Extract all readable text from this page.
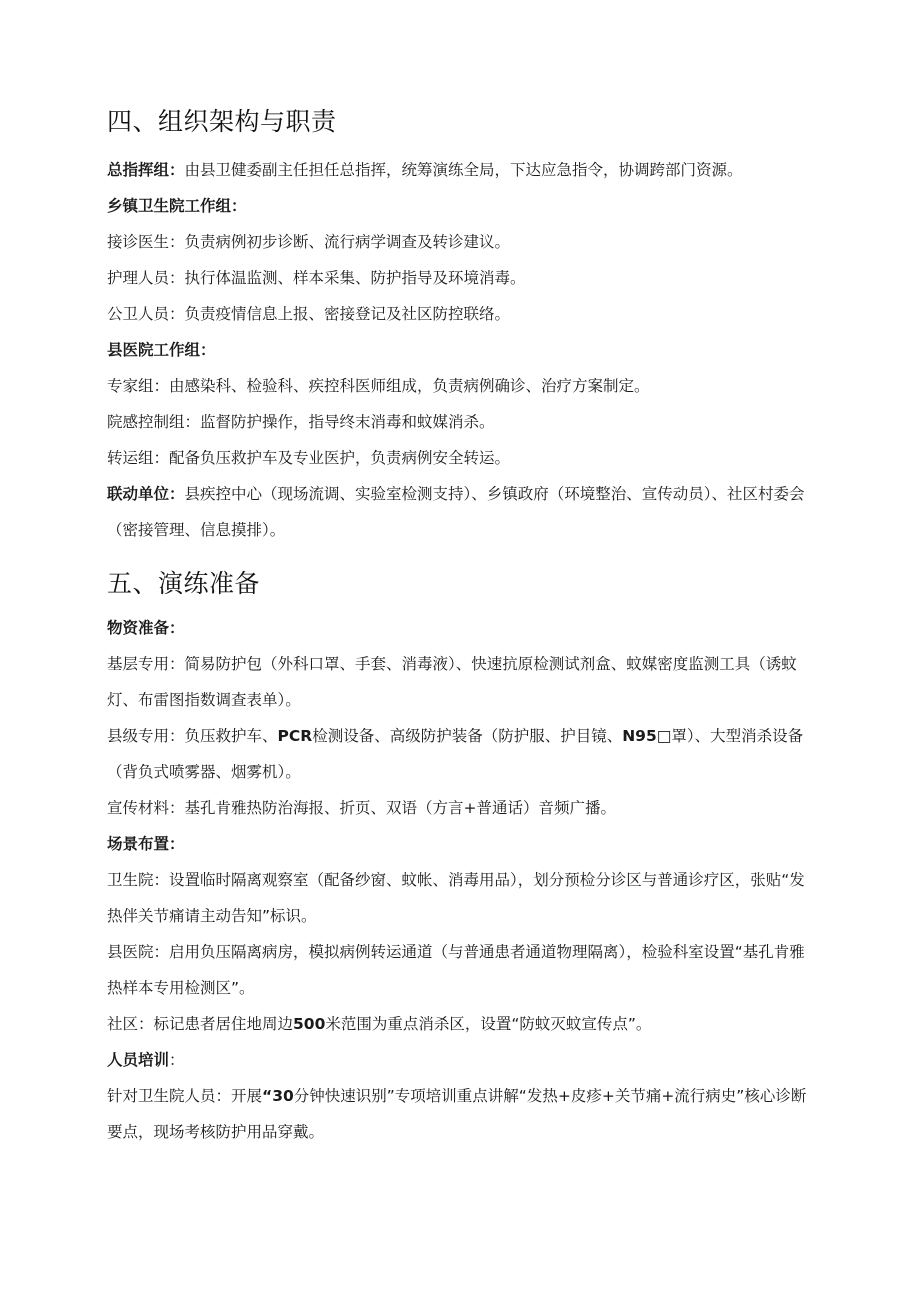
四、组织架构与职责

总指挥组：由县卫健委副主任担任总指挥，统筹演练全局，下达应急指令，协调跨部门资源。

乡镇卫生院工作组：

接诊医生：负责病例初步诊断、流行病学调查及转诊建议。

护理人员：执行体温监测、样本采集、防护指导及环境消毒。

公卫人员：负责疫情信息上报、密接登记及社区防控联络。

县医院工作组：

专家组：由感染科、检验科、疾控科医师组成，负责病例确诊、治疗方案制定。

院感控制组：监督防护操作，指导终末消毒和蚊媒消杀。

转运组：配备负压救护车及专业医护，负责病例安全转运。

联动单位：县疾控中心（现场流调、实验室检测支持）、乡镇政府（环境整治、宣传动员）、社区村委会（密接管理、信息摸排）。

五、演练准备

物资准备：

基层专用：简易防护包（外科口罩、手套、消毒液）、快速抗原检测试剂盒、蚊媒密度监测工具（诱蚊灯、布雷图指数调查表单）。

县级专用：负压救护车、PCR检测设备、高级防护装备（防护服、护目镜、N95□罩）、大型消杀设备（背负式喷雾器、烟雾机）。

宣传材料：基孔肯雅热防治海报、折页、双语（方言+普通话）音频广播。

场景布置：

卫生院：设置临时隔离观察室（配备纱窗、蚊帐、消毒用品），划分预检分诊区与普通诊疗区，张贴“发热伴关节痛请主动告知”标识。

县医院：启用负压隔离病房，模拟病例转运通道（与普通患者通道物理隔离），检验科室设置“基孔肯雅热样本专用检测区”。

社区：标记患者居住地周边500米范围为重点消杀区，设置“防蚊灭蚊宣传点”。

人员培训：

针对卫生院人员：开展“30分钟快速识别”专项培训重点讲解“发热+皮疹+关节痛+流行病史”核心诊断要点，现场考核防护用品穿戴。
